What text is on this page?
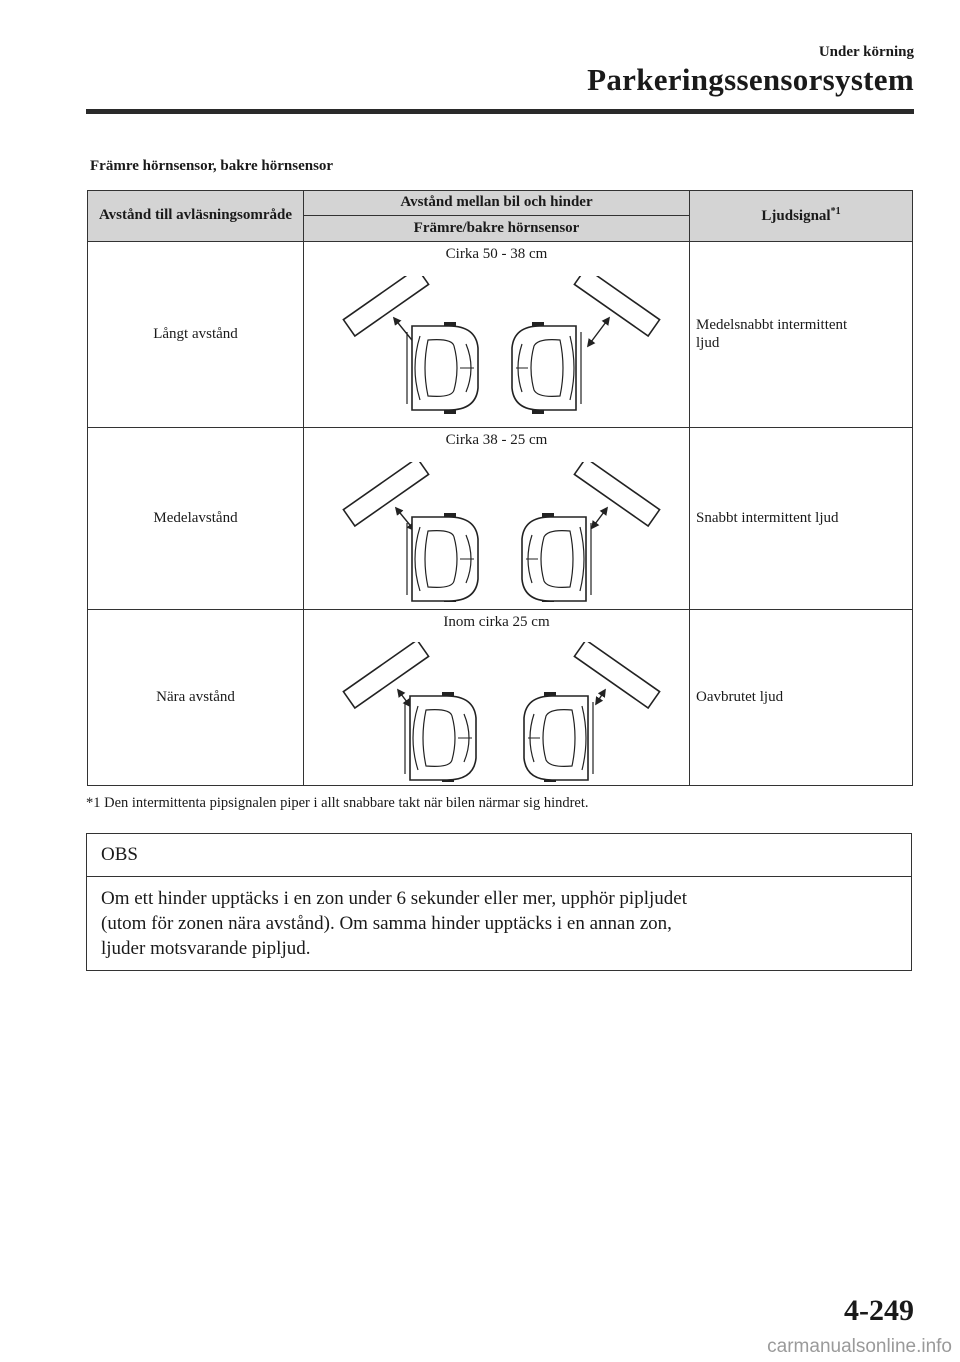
Under körning
Parkeringssensorsystem
Främre hörnsensor, bakre hörnsensor
Avstånd till avläsningsområde	Avstånd mellan bil och hinder	Ljudsignal$^{*1}$
	Främre/bakre hörnsensor	
Långt avstånd	Cirka 50 - 38 cm	Medelsnabbt intermittent ljud
Medelavstånd	Cirka 38 - 25 cm	Snabbt intermittent ljud
Nära avstånd	Inom cirka 25 cm	Oavbrutet ljud
*1 Den intermittenta pipsignalen piper i allt snabbare takt när bilen närmar sig hindret.
OBS
Om ett hinder upptäcks i en zon under 6 sekunder eller mer, upphör pipljudet
(utom för zonen nära avstånd). Om samma hinder upptäcks i en annan zon,
ljuder motsvarande pipljud.
4-249
carmanualsonline.info
